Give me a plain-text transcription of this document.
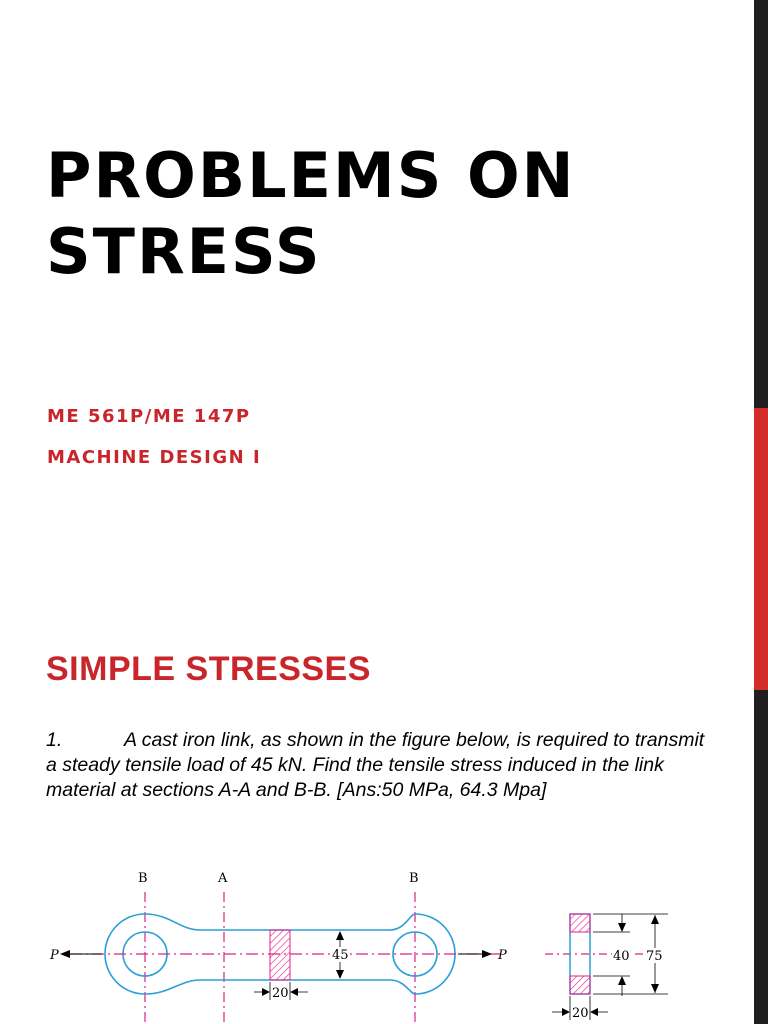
PROBLEMS ON
STRESS

ME 561P/ME 147P

MACHINE DESIGN I

SIMPLE STRESSES

1.	A cast iron link, as shown in the figure below, is required to transmit a steady tensile load of 45 kN. Find the tensile stress induced in the link material at sections A-A and B-B. [Ans:50 MPa, 64.3 Mpa]

B	A	B
P	P
45
20
40 75
20
